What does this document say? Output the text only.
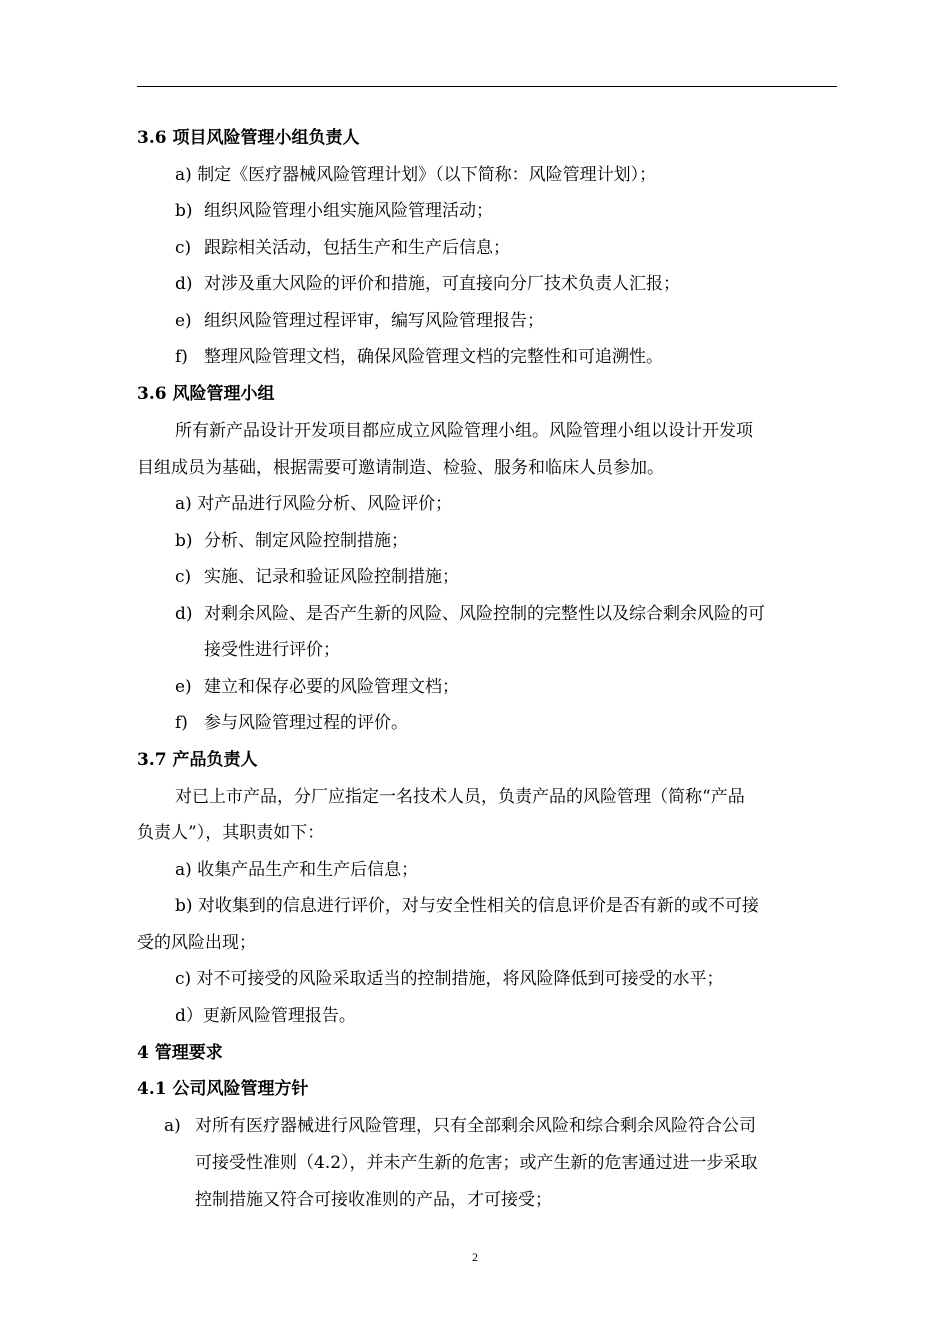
3.6 项目风险管理小组负责人
a) 制定《医疗器械风险管理计划》（以下简称：风险管理计划）；
b) 组织风险管理小组实施风险管理活动；
c) 跟踪相关活动，包括生产和生产后信息；
d) 对涉及重大风险的评价和措施，可直接向分厂技术负责人汇报；
e) 组织风险管理过程评审，编写风险管理报告；
f) 整理风险管理文档，确保风险管理文档的完整性和可追溯性。
3.6 风险管理小组
所有新产品设计开发项目都应成立风险管理小组。风险管理小组以设计开发项
目组成员为基础，根据需要可邀请制造、检验、服务和临床人员参加。
a) 对产品进行风险分析、风险评价；
b) 分析、制定风险控制措施；
c) 实施、记录和验证风险控制措施；
d) 对剩余风险、是否产生新的风险、风险控制的完整性以及综合剩余风险的可
接受性进行评价；
e) 建立和保存必要的风险管理文档；
f) 参与风险管理过程的评价。
3.7 产品负责人
对已上市产品，分厂应指定一名技术人员，负责产品的风险管理（简称“产品
负责人”），其职责如下：
a) 收集产品生产和生产后信息；
b) 对收集到的信息进行评价，对与安全性相关的信息评价是否有新的或不可接
受的风险出现；
c) 对不可接受的风险采取适当的控制措施，将风险降低到可接受的水平；
d）更新风险管理报告。
4 管理要求
4.1 公司风险管理方针
a) 对所有医疗器械进行风险管理，只有全部剩余风险和综合剩余风险符合公司
可接受性准则（4.2），并未产生新的危害；或产生新的危害通过进一步采取
控制措施又符合可接收准则的产品，才可接受；
2
